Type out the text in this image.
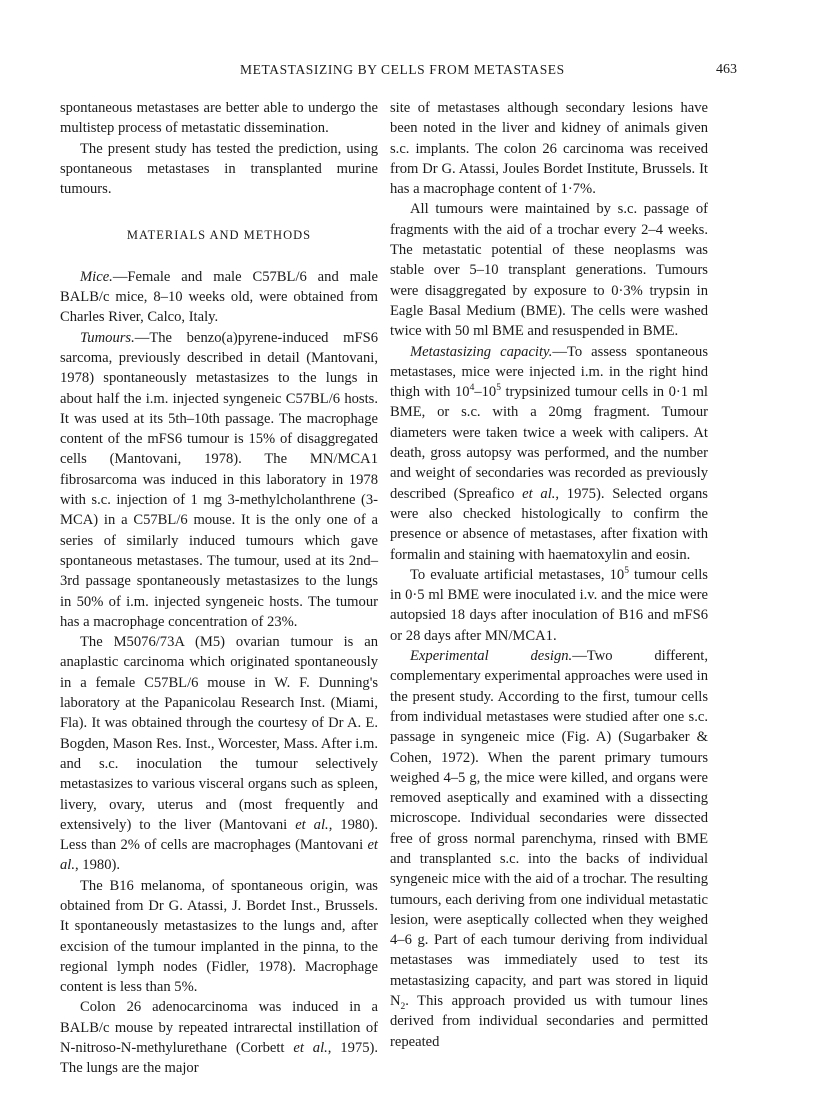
METASTASIZING BY CELLS FROM METASTASES	463

spontaneous metastases are better able to undergo the multistep process of metastatic dissemination.

The present study has tested the prediction, using spontaneous metastases in transplanted murine tumours.

MATERIALS AND METHODS

Mice.—Female and male C57BL/6 and male BALB/c mice, 8–10 weeks old, were obtained from Charles River, Calco, Italy.

Tumours.—The benzo(a)pyrene-induced mFS6 sarcoma, previously described in detail (Mantovani, 1978) spontaneously metastasizes to the lungs in about half the i.m. injected syngeneic C57BL/6 hosts. It was used at its 5th–10th passage. The macrophage content of the mFS6 tumour is 15% of disaggregated cells (Mantovani, 1978). The MN/MCA1 fibrosarcoma was induced in this laboratory in 1978 with s.c. injection of 1 mg 3-methylcholanthrene (3-MCA) in a C57BL/6 mouse. It is the only one of a series of similarly induced tumours which gave spontaneous metastases. The tumour, used at its 2nd–3rd passage spontaneously metastasizes to the lungs in 50% of i.m. injected syngeneic hosts. The tumour has a macrophage concentration of 23%.

The M5076/73A (M5) ovarian tumour is an anaplastic carcinoma which originated spontaneously in a female C57BL/6 mouse in W. F. Dunning's laboratory at the Papanicolau Research Inst. (Miami, Fla). It was obtained through the courtesy of Dr A. E. Bogden, Mason Res. Inst., Worcester, Mass. After i.m. and s.c. inoculation the tumour selectively metastasizes to various visceral organs such as spleen, livery, ovary, uterus and (most frequently and extensively) to the liver (Mantovani et al., 1980). Less than 2% of cells are macrophages (Mantovani et al., 1980).

The B16 melanoma, of spontaneous origin, was obtained from Dr G. Atassi, J. Bordet Inst., Brussels. It spontaneously metastasizes to the lungs and, after excision of the tumour implanted in the pinna, to the regional lymph nodes (Fidler, 1978). Macrophage content is less than 5%.

Colon 26 adenocarcinoma was induced in a BALB/c mouse by repeated intrarectal instillation of N-nitroso-N-methylurethane (Corbett et al., 1975). The lungs are the major

site of metastases although secondary lesions have been noted in the liver and kidney of animals given s.c. implants. The colon 26 carcinoma was received from Dr G. Atassi, Joules Bordet Institute, Brussels. It has a macrophage content of 1·7%.

All tumours were maintained by s.c. passage of fragments with the aid of a trochar every 2–4 weeks. The metastatic potential of these neoplasms was stable over 5–10 transplant generations. Tumours were disaggregated by exposure to 0·3% trypsin in Eagle Basal Medium (BME). The cells were washed twice with 50 ml BME and resuspended in BME.

Metastasizing capacity.—To assess spontaneous metastases, mice were injected i.m. in the right hind thigh with $10^4-10^5$ trypsinized tumour cells in 0·1 ml BME, or s.c. with a 20mg fragment. Tumour diameters were taken twice a week with calipers. At death, gross autopsy was performed, and the number and weight of secondaries was recorded as previously described (Spreafico et al., 1975). Selected organs were also checked histologically to confirm the presence or absence of metastases, after fixation with formalin and staining with haematoxylin and eosin.

To evaluate artificial metastases, $10^5$ tumour cells in 0·5 ml BME were inoculated i.v. and the mice were autopsied 18 days after inoculation of B16 and mFS6 or 28 days after MN/MCA1.

Experimental design.—Two different, complementary experimental approaches were used in the present study. According to the first, tumour cells from individual metastases were studied after one s.c. passage in syngeneic mice (Fig. A) (Sugarbaker & Cohen, 1972). When the parent primary tumours weighed 4–5 g, the mice were killed, and organs were removed aseptically and examined with a dissecting microscope. Individual secondaries were dissected free of gross normal parenchyma, rinsed with BME and transplanted s.c. into the backs of individual syngeneic mice with the aid of a trochar. The resulting tumours, each deriving from one individual metastatic lesion, were aseptically collected when they weighed 4–6 g. Part of each tumour deriving from individual metastases was immediately used to test its metastasizing capacity, and part was stored in liquid $N_2$. This approach provided us with tumour lines derived from individual secondaries and permitted repeated
